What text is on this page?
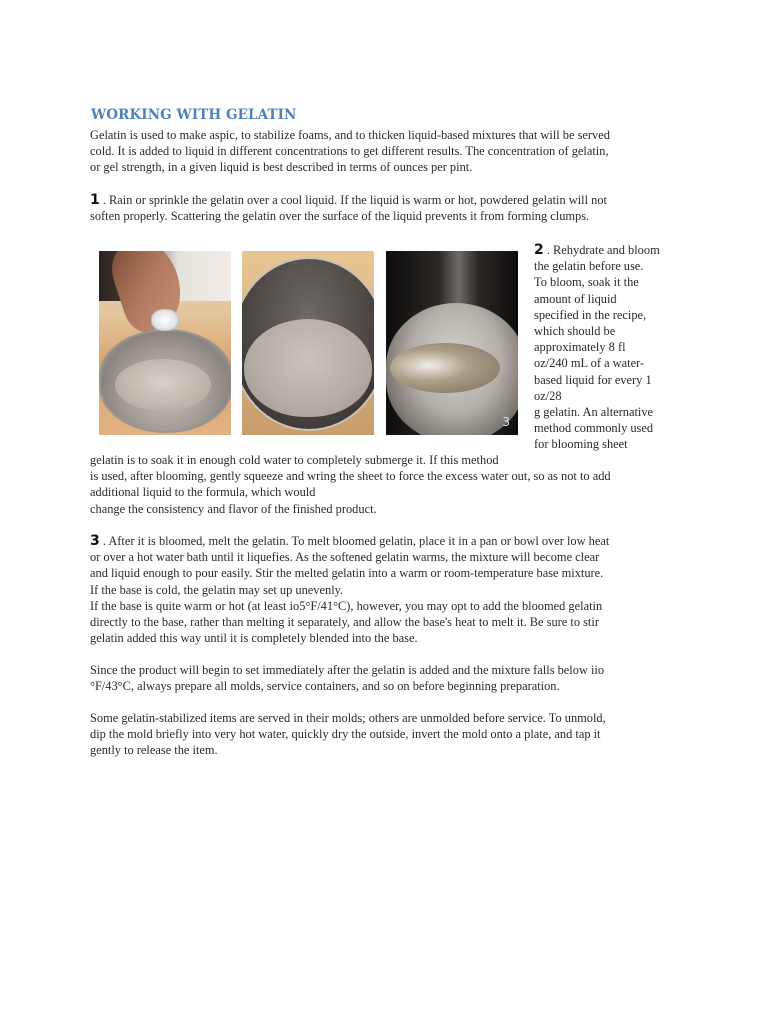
WORKING WITH GELATIN
Gelatin is used to make aspic, to stabilize foams, and to thicken liquid-based mixtures that will be served
cold. It is added to liquid in different concentrations to get different results. The concentration of gelatin,
or gel strength, in a given liquid is best described in terms of ounces per pint.
1 . Rain or sprinkle the gelatin over a cool liquid. If the liquid is warm or hot, powdered gelatin will not
soften properly. Scattering the gelatin over the surface of the liquid prevents it from forming clumps.
3
2 . Rehydrate and bloom
the gelatin before use.
To bloom, soak it the
amount of liquid
specified in the recipe,
which should be
approximately 8 fl
oz/240 mL of a water-
based liquid for every 1
oz/28
g gelatin. An alternative
method commonly used
for blooming sheet
gelatin is to soak it in enough cold water to completely submerge it. If this method
is used, after blooming, gently squeeze and wring the sheet to force the excess water out, so as not to add
additional liquid to the formula, which would
change the consistency and flavor of the finished product.
3 . After it is bloomed, melt the gelatin. To melt bloomed gelatin, place it in a pan or bowl over low heat
or over a hot water bath until it liquefies. As the softened gelatin warms, the mixture will become clear
and liquid enough to pour easily. Stir the melted gelatin into a warm or room-temperature base mixture.
If the base is cold, the gelatin may set up unevenly.
If the base is quite warm or hot (at least io5°F/41°C), however, you may opt to add the bloomed gelatin
directly to the base, rather than melting it separately, and allow the base's heat to melt it. Be sure to stir
gelatin added this way until it is completely blended into the base.
Since the product will begin to set immediately after the gelatin is added and the mixture falls below iio
°F/43°C, always prepare all molds, service containers, and so on before beginning preparation.
Some gelatin-stabilized items are served in their molds; others are unmolded before service. To unmold,
dip the mold briefly into very hot water, quickly dry the outside, invert the mold onto a plate, and tap it
gently to release the item.
